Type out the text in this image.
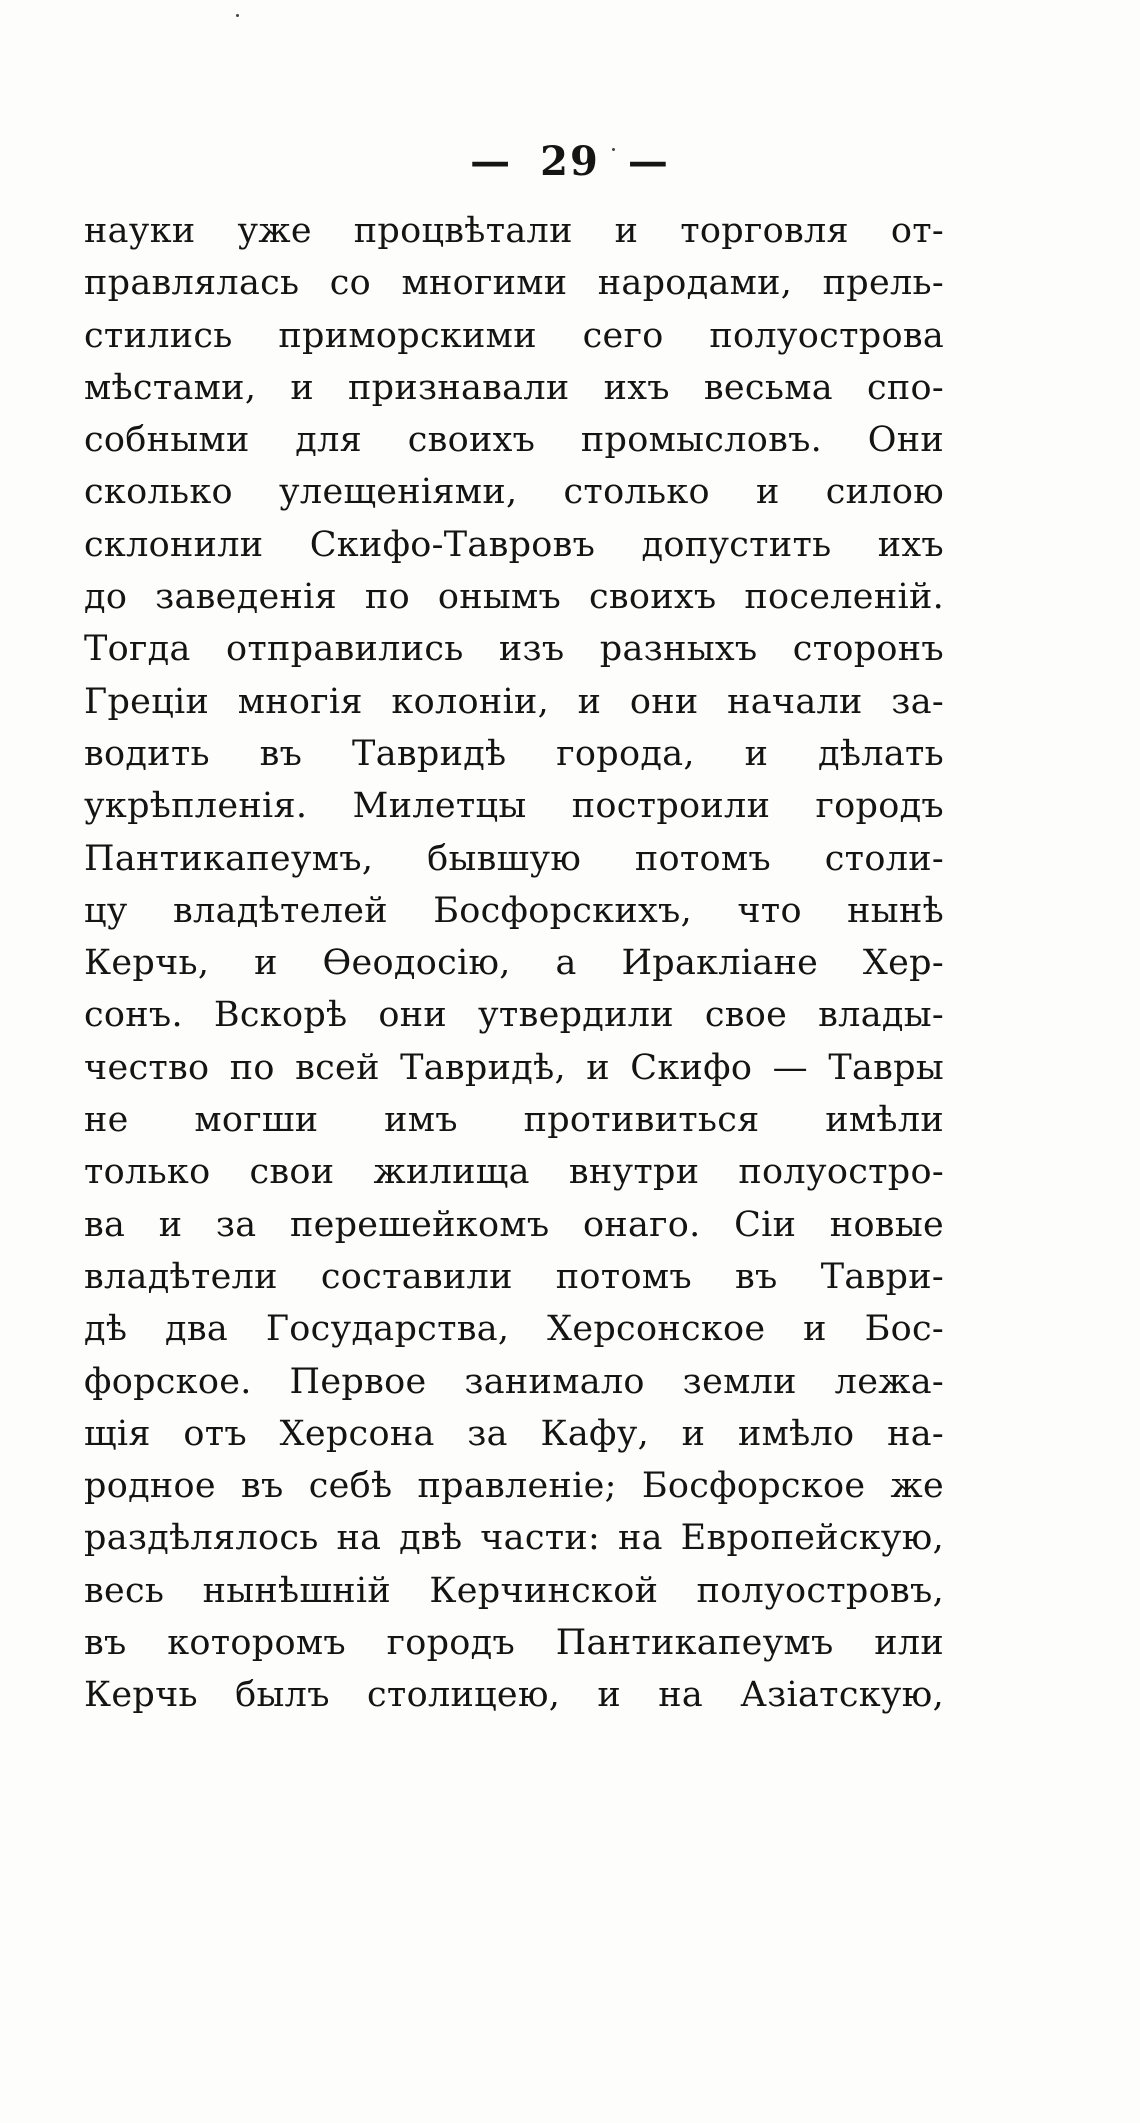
— 29 —
науки уже процвѣтали и торговля от-
правлялась со многими народами, прель-
стились приморскими сего полуострова
мѣстами, и признавали ихъ весьма спо-
собными для своихъ промысловъ. Они
сколько улещенiями, столько и силою
склонили Скифо-Тавровъ допустить ихъ
до заведенiя по онымъ своихъ поселенiй.
Тогда отправились изъ разныхъ сторонъ
Грецiи многiя колонiи, и они начали за-
водить въ Тавридѣ города, и дѣлать
укрѣпленiя. Милетцы построили городъ
Пантикапеумъ, бывшую потомъ столи-
цу владѣтелей Босфорскихъ, что нынѣ
Керчь, и Ѳеодосiю, а Иракліане Хер-
сонъ. Вскорѣ они утвердили свое влады-
чество по всей Тавридѣ, и Скифо — Тавры
не могши имъ противиться имѣли
только свои жилища внутри полуостро-
ва и за перешейкомъ онаго. Сiи новые
владѣтели составили потомъ въ Таври-
дѣ два Государства, Херсонское и Бос-
форское. Первое занимало земли лежа-
щiя отъ Херсона за Кафу, и имѣло на-
родное въ себѣ правленiе; Босфорское же
раздѣлялось на двѣ части: на Европейскую,
весь нынѣшнiй Керчинской полуостровъ,
въ которомъ городъ Пантикапеумъ или
Керчь былъ столицею, и на Азiатскую,
